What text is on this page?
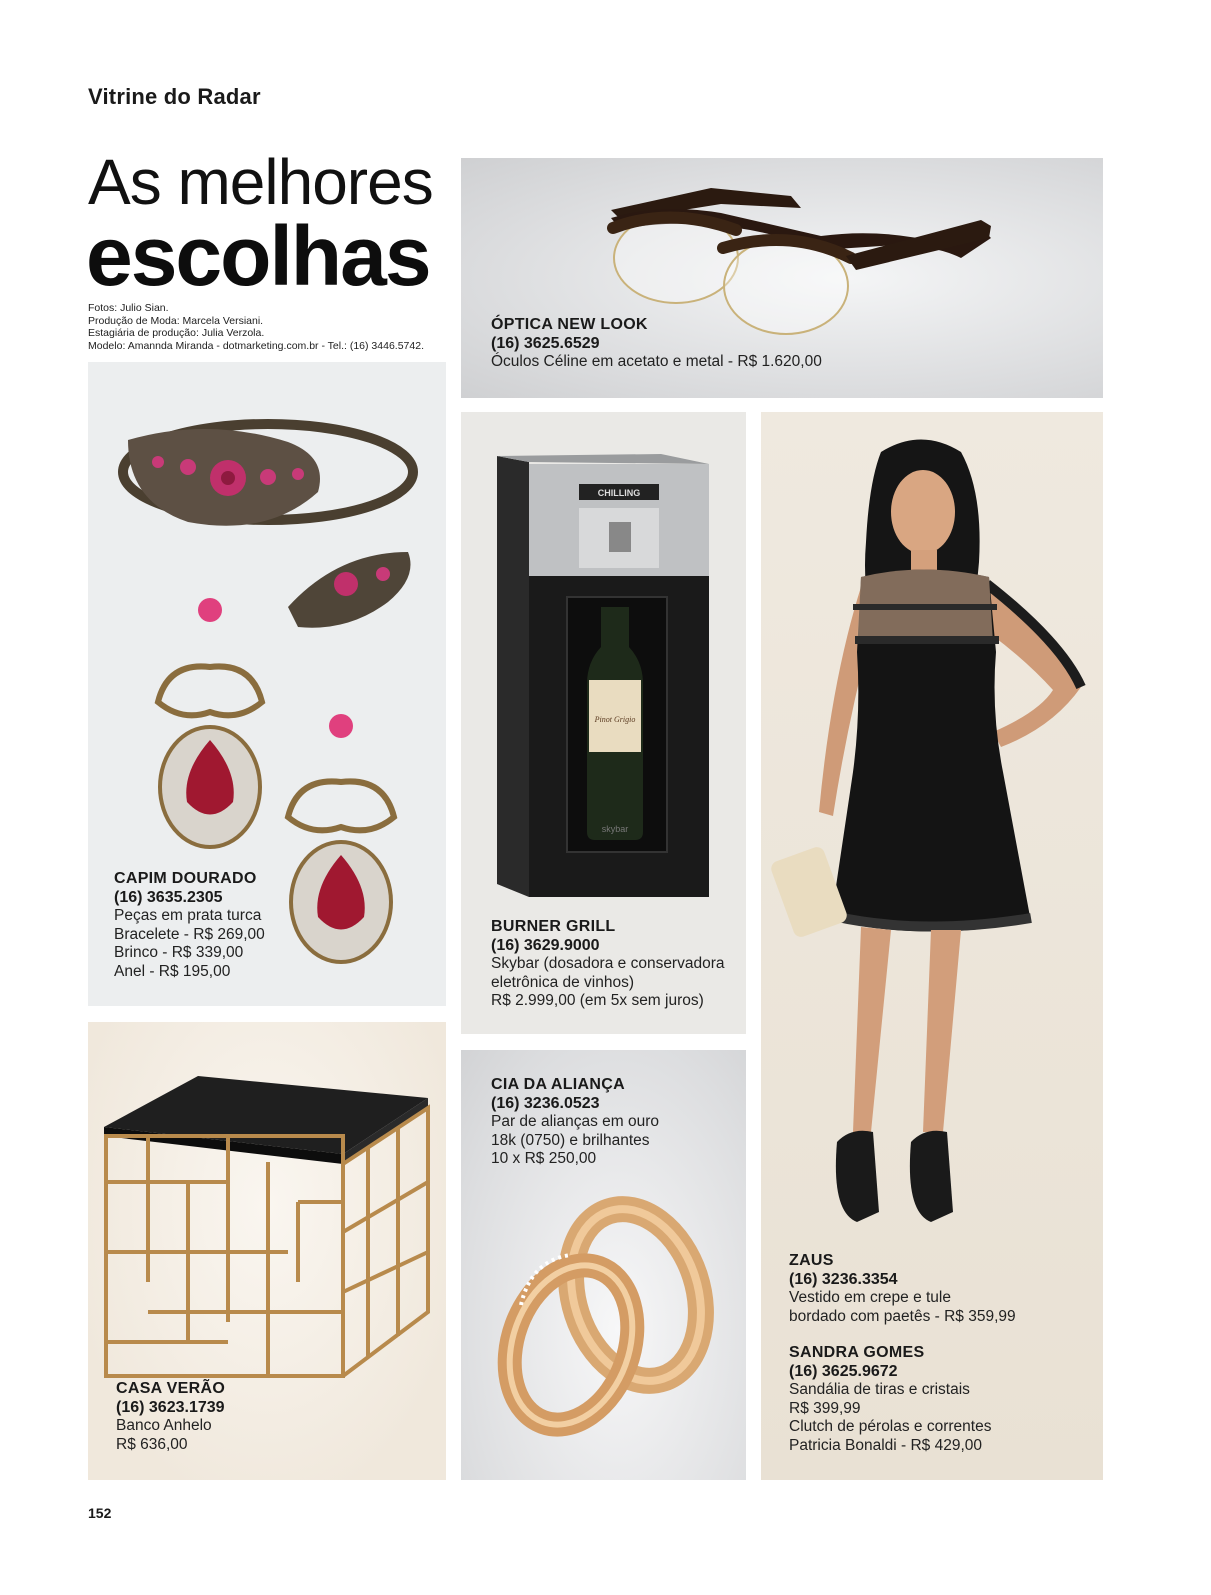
Vitrine do Radar
As melhores
escolhas
Fotos: Julio Sian.
Produção de Moda: Marcela Versiani.
Estagiária de produção: Julia Verzola.
Modelo: Amannda Miranda - dotmarketing.com.br - Tel.: (16) 3446.5742.
ÓPTICA NEW LOOK
(16) 3625.6529
Óculos Céline em acetato e metal - R$ 1.620,00
CAPIM DOURADO
(16) 3635.2305
Peças em prata turca
Bracelete - R$ 269,00
Brinco - R$ 339,00
Anel - R$ 195,00
CHILLING
Pinot Grigio
skybar
BURNER GRILL
(16) 3629.9000
Skybar (dosadora e conservadora
eletrônica de vinhos)
R$ 2.999,00 (em 5x sem juros)
ZAUS
(16) 3236.3354
Vestido em crepe e tule
bordado com paetês - R$ 359,99
SANDRA GOMES
(16) 3625.9672
Sandália de tiras e cristais
R$ 399,99
Clutch de pérolas e correntes
Patricia Bonaldi - R$ 429,00
CASA VERÃO
(16) 3623.1739
Banco Anhelo
R$ 636,00
CIA DA ALIANÇA
(16) 3236.0523
Par de alianças em ouro
18k (0750) e brilhantes
10 x R$ 250,00
152
